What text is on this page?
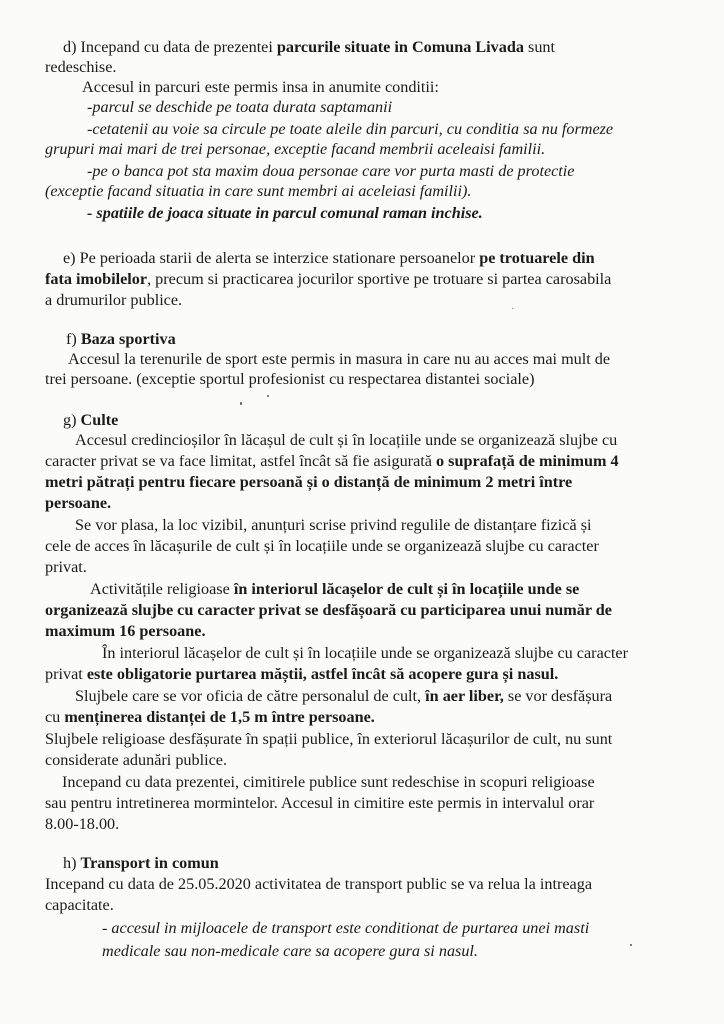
d) Incepand cu data de prezentei parcurile situate in Comuna Livada sunt
redeschise.
Accesul in parcuri este permis insa in anumite conditii:
-parcul se deschide pe toata durata saptamanii
-cetatenii au voie sa circule pe toate aleile din parcuri, cu conditia sa nu formeze
grupuri mai mari de trei personae, exceptie facand membrii aceleaisi familii.
-pe o banca pot sta maxim doua personae care vor purta masti de protectie
(exceptie facand situatia in care sunt membri ai aceleiasi familii).
- spatiile de joaca situate in parcul comunal raman inchise.
e) Pe perioada starii de alerta se interzice stationare persoanelor pe trotuarele din
fata imobilelor, precum si practicarea jocurilor sportive pe trotuare si partea carosabila
a drumurilor publice.
f) Baza sportiva
Accesul la terenurile de sport este permis in masura in care nu au acces mai mult de
trei persoane. (exceptie sportul profesionist cu respectarea distantei sociale)
g) Culte
Accesul credincioșilor în lăcașul de cult și în locațiile unde se organizează slujbe cu
caracter privat se va face limitat, astfel încât să fie asigurată o suprafață de minimum 4
metri pătrați pentru fiecare persoană și o distanță de minimum 2 metri între
persoane.
Se vor plasa, la loc vizibil, anunțuri scrise privind regulile de distanțare fizică și
cele de acces în lăcașurile de cult și în locațiile unde se organizează slujbe cu caracter
privat.
Activitățile religioase în interiorul lăcașelor de cult și în locațiile unde se
organizează slujbe cu caracter privat se desfășoară cu participarea unui număr de
maximum 16 persoane.
În interiorul lăcașelor de cult și în locațiile unde se organizează slujbe cu caracter
privat este obligatorie purtarea măștii, astfel încât să acopere gura și nasul.
Slujbele care se vor oficia de către personalul de cult, în aer liber, se vor desfășura
cu menținerea distanței de 1,5 m între persoane.
Slujbele religioase desfășurate în spații publice, în exteriorul lăcașurilor de cult, nu sunt
considerate adunări publice.
Incepand cu data prezentei, cimitirele publice sunt redeschise in scopuri religioase
sau pentru intretinerea mormintelor. Accesul in cimitire este permis in intervalul orar
8.00-18.00.
h) Transport in comun
Incepand cu data de 25.05.2020 activitatea de transport public se va relua la intreaga
capacitate.
- accesul in mijloacele de transport este conditionat de purtarea unei masti
medicale sau non-medicale care sa acopere gura si nasul.
